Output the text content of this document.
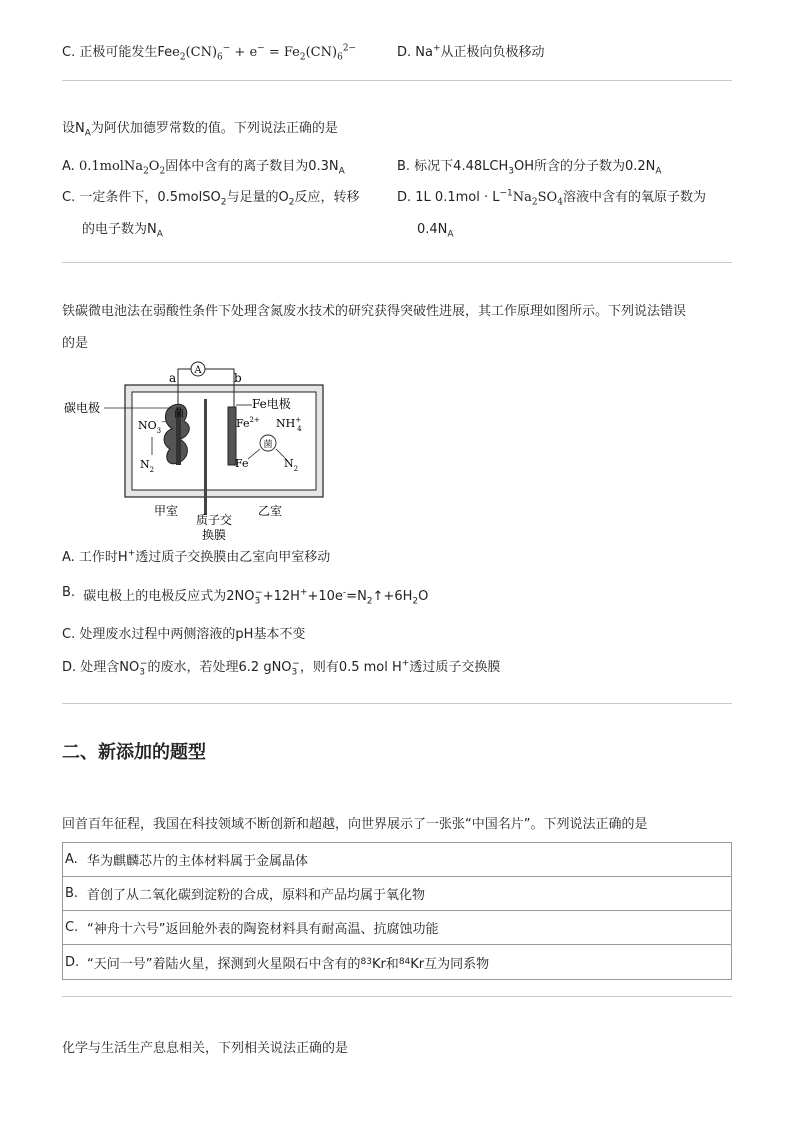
C. 正极可能发生$Fee_2(CN)_6^- + e^- = Fe_2(CN)_6^{2-}$	D. Na+从正极向负极移动
设$N_A$为阿伏加德罗常数的值。下列说法正确的是
A. $0.1molNa_2O_2$固体中含有的离子数目为$0.3N_A$	B. 标况下$4.48LCH_3OH$所含的分子数为$0.2N_A$
C. 一定条件下，0.5molSO$_2$与足量的$O_2$反应，转移
的电子数为$N_A$
D. 1L $0.1mol \cdot L^{-1}Na_2SO_4$溶液中含有的氧原子数为
$0.4N_A$
铁碳微电池法在弱酸性条件下处理含氮废水技术的研究获得突破性进展，其工作原理如图所示。下列说法错误
的是
A
a	b
菌
碳电极
$NO_3^-$
$N_2$
Fe电极
$Fe^{2+}$ NH+ 4
菌
Fe	$N_2$
甲室	乙室
质子交
换膜
A. 工作时H+透过质子交换膜由乙室向甲室移动
B. 碳电极上的电极反应式为$2NO_3^-+12H^++10e^-=N_2↑+6H_2O$
C. 处理废水过程中两侧溶液的pH基本不变
D. 处理含$NO_3^-$的废水，若处理6.2 gNO$_3$−，则有0.5 mol H+透过质子交换膜
二、新添加的题型
回首百年征程，我国在科技领域不断创新和超越，向世界展示了一张张“中国名片”。下列说法正确的是
A. 华为麒麟芯片的主体材料属于金属晶体
B. 首创了从二氧化碳到淀粉的合成，原料和产品均属于氧化物
C. “神舟十六号”返回舱外表的陶瓷材料具有耐高温、抗腐蚀功能
D. “天问一号”着陆火星，探测到火星陨石中含有的 83 Kr和 84 Kr互为同系物
化学与生活生产息息相关，下列相关说法正确的是
